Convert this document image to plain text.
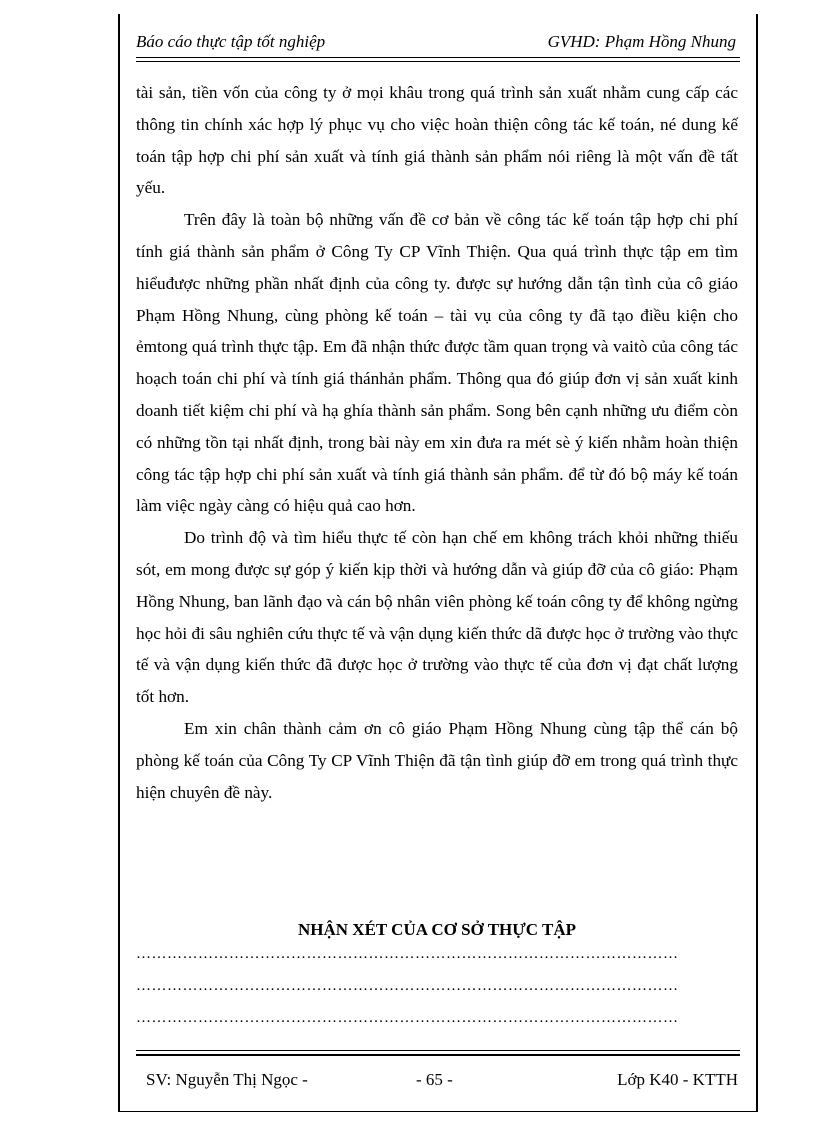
Báo cáo thực tập tốt nghiệp	GVHD: Phạm Hồng Nhung

tài sản, tiền vốn của công ty ở mọi khâu trong quá trình sản xuất nhằm cung cấp các thông tin chính xác hợp lý phục vụ cho việc hoàn thiện công tác kế toán, né dung kế toán tập hợp chi phí sản xuất và tính giá thành sản phẩm nói riêng là một vấn đề tất yếu.

Trên đây là toàn bộ những vấn đề cơ bản về công tác kế toán tập hợp chi phí tính giá thành sản phẩm ở Công Ty CP Vĩnh Thiện. Qua quá trình thực tập em tìm hiểuđược những phần nhất định của công ty. được sự hướng dẫn tận tình của cô giáo Phạm Hồng Nhung, cùng phòng kế toán – tài vụ của công ty đã tạo điều kiện cho ẻmtong quá trình thực tập. Em đã nhận thức được tầm quan trọng và vaitò của công tác hoạch toán chi phí và tính giá thánhản phẩm. Thông qua đó giúp đơn vị sản xuất kinh doanh tiết kiệm chi phí và hạ ghía thành sản phẩm. Song bên cạnh những ưu điểm còn có những tồn tại nhất định, trong bài này em xin đưa ra mét sè ý kiến nhằm hoàn thiện công tác tập hợp chi phí sản xuất và tính giá thành sản phẩm. để từ đó bộ máy kế toán làm việc ngày càng có hiệu quả cao hơn.

Do trình độ và tìm hiểu thực tế còn hạn chế em không trách khỏi những thiếu sót, em mong được sự góp ý kiến kịp thời và hướng dẫn và giúp đỡ của cô giáo: Phạm Hồng Nhung, ban lãnh đạo và cán bộ nhân viên phòng kế toán công ty để không ngừng học hỏi đi sâu nghiên cứu thực tế và vận dụng kiến thức dã được học ở trường vào thực tế và vận dụng kiến thức đã được học ở trường vào thực tế của đơn vị đạt chất lượng tốt hơn.

Em xin chân thành cảm ơn cô giáo Phạm Hồng Nhung cùng tập thể cán bộ phòng kế toán của Công Ty CP Vĩnh Thiện đã tận tình giúp đỡ em trong quá trình thực hiện chuyên đề này.

NHẬN XÉT CỦA CƠ SỞ THỰC TẬP
……………………………………………………………………………………………
……………………………………………………………………………………………
……………………………………………………………………………………………
SV: Nguyễn Thị Ngọc -	- 65 -	Lớp K40 - KTTH
